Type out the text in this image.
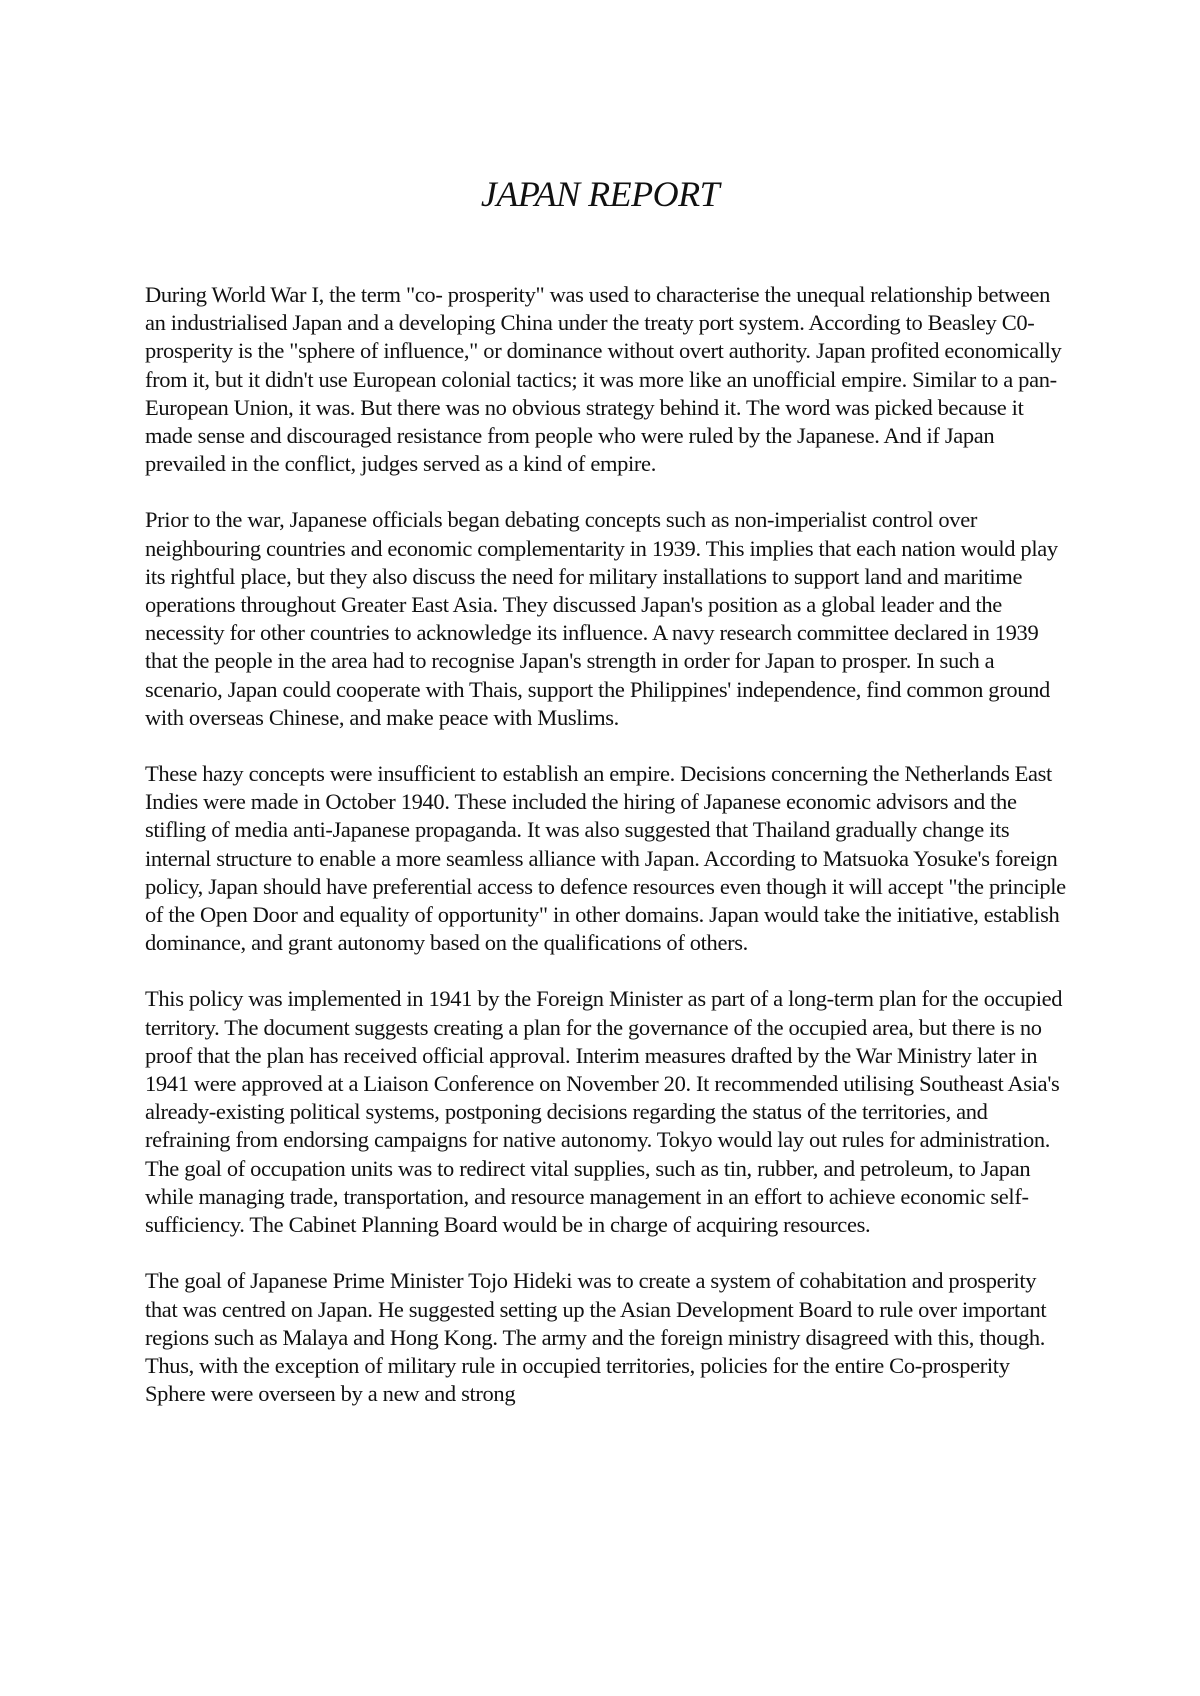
JAPAN REPORT

During World War I, the term "co- prosperity" was used to characterise the unequal relationship between an industrialised Japan and a developing China under the treaty port system. According to Beasley C0-prosperity is the "sphere of influence," or dominance without overt authority. Japan profited economically from it, but it didn't use European colonial tactics; it was more like an unofficial empire. Similar to a pan-European Union, it was. But there was no obvious strategy behind it. The word was picked because it made sense and discouraged resistance from people who were ruled by the Japanese. And if Japan prevailed in the conflict, judges served as a kind of empire.

Prior to the war, Japanese officials began debating concepts such as non-imperialist control over neighbouring countries and economic complementarity in 1939. This implies that each nation would play its rightful place, but they also discuss the need for military installations to support land and maritime operations throughout Greater East Asia. They discussed Japan's position as a global leader and the necessity for other countries to acknowledge its influence. A navy research committee declared in 1939 that the people in the area had to recognise Japan's strength in order for Japan to prosper. In such a scenario, Japan could cooperate with Thais, support the Philippines' independence, find common ground with overseas Chinese, and make peace with Muslims.

These hazy concepts were insufficient to establish an empire. Decisions concerning the Netherlands East Indies were made in October 1940. These included the hiring of Japanese economic advisors and the stifling of media anti-Japanese propaganda. It was also suggested that Thailand gradually change its internal structure to enable a more seamless alliance with Japan. According to Matsuoka Yosuke's foreign policy, Japan should have preferential access to defence resources even though it will accept "the principle of the Open Door and equality of opportunity" in other domains. Japan would take the initiative, establish dominance, and grant autonomy based on the qualifications of others.

This policy was implemented in 1941 by the Foreign Minister as part of a long-term plan for the occupied territory. The document suggests creating a plan for the governance of the occupied area, but there is no proof that the plan has received official approval. Interim measures drafted by the War Ministry later in 1941 were approved at a Liaison Conference on November 20. It recommended utilising Southeast Asia's already-existing political systems, postponing decisions regarding the status of the territories, and refraining from endorsing campaigns for native autonomy. Tokyo would lay out rules for administration. The goal of occupation units was to redirect vital supplies, such as tin, rubber, and petroleum, to Japan while managing trade, transportation, and resource management in an effort to achieve economic self-sufficiency. The Cabinet Planning Board would be in charge of acquiring resources.

The goal of Japanese Prime Minister Tojo Hideki was to create a system of cohabitation and prosperity that was centred on Japan. He suggested setting up the Asian Development Board to rule over important regions such as Malaya and Hong Kong. The army and the foreign ministry disagreed with this, though. Thus, with the exception of military rule in occupied territories, policies for the entire Co-prosperity Sphere were overseen by a new and strong
